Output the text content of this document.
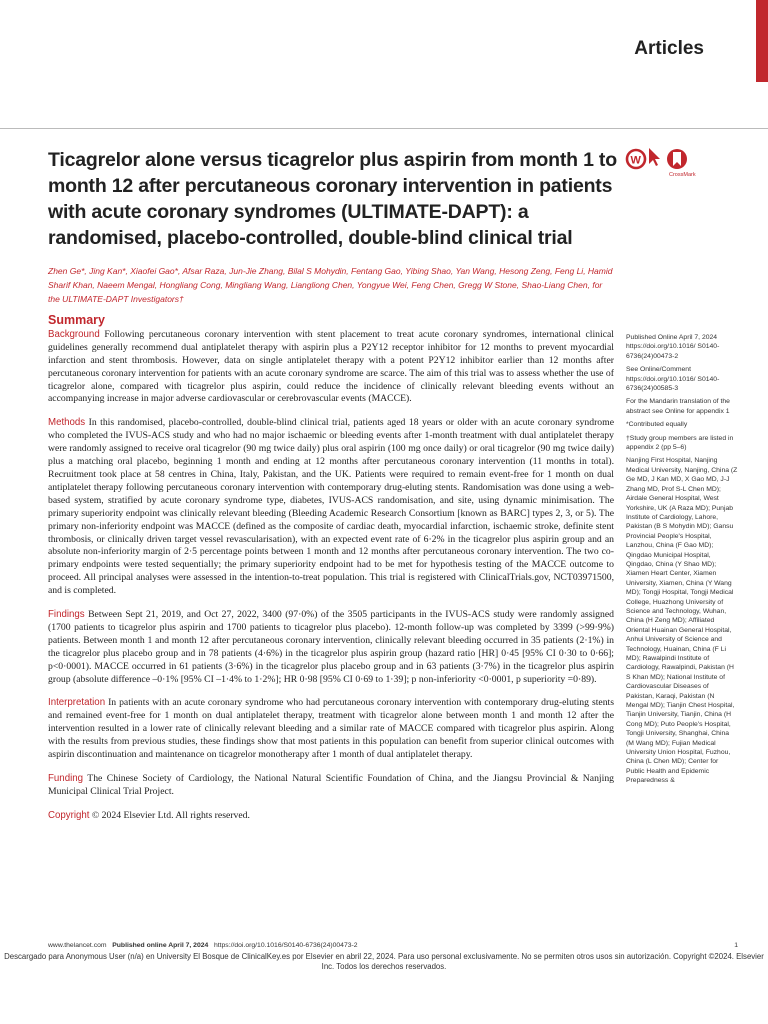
Articles
Ticagrelor alone versus ticagrelor plus aspirin from month 1 to month 12 after percutaneous coronary intervention in patients with acute coronary syndromes (ULTIMATE-DAPT): a randomised, placebo-controlled, double-blind clinical trial
W
CrossMark
Zhen Ge*, Jing Kan*, Xiaofei Gao*, Afsar Raza, Jun-Jie Zhang, Bilal S Mohydin, Fentang Gao, Yibing Shao, Yan Wang, Hesong Zeng, Feng Li, Hamid Sharif Khan, Naeem Mengal, Hongliang Cong, Mingliang Wang, Liangliong Chen, Yongyue Wei, Feng Chen, Gregg W Stone, Shao-Liang Chen, for the ULTIMATE-DAPT Investigators†
Summary

Background Following percutaneous coronary intervention with stent placement to treat acute coronary syndromes, international clinical guidelines generally recommend dual antiplatelet therapy with aspirin plus a P2Y12 receptor inhibitor for 12 months to prevent myocardial infarction and stent thrombosis. However, data on single antiplatelet therapy with a potent P2Y12 inhibitor earlier than 12 months after percutaneous coronary intervention for patients with an acute coronary syndrome are scarce. The aim of this trial was to assess whether the use of ticagrelor alone, compared with ticagrelor plus aspirin, could reduce the incidence of clinically relevant bleeding events without an accompanying increase in major adverse cardiovascular or cerebrovascular events (MACCE).

Methods In this randomised, placebo-controlled, double-blind clinical trial, patients aged 18 years or older with an acute coronary syndrome who completed the IVUS-ACS study and who had no major ischaemic or bleeding events after 1-month treatment with dual antiplatelet therapy were randomly assigned to receive oral ticagrelor (90 mg twice daily) plus oral aspirin (100 mg once daily) or oral ticagrelor (90 mg twice daily) plus a matching oral placebo, beginning 1 month and ending at 12 months after percutaneous coronary intervention (11 months in total). Recruitment took place at 58 centres in China, Italy, Pakistan, and the UK. Patients were required to remain event-free for 1 month on dual antiplatelet therapy following percutaneous coronary intervention with contemporary drug-eluting stents. Randomisation was done using a web-based system, stratified by acute coronary syndrome type, diabetes, IVUS-ACS randomisation, and site, using dynamic minimisation. The primary superiority endpoint was clinically relevant bleeding (Bleeding Academic Research Consortium [known as BARC] types 2, 3, or 5). The primary non-inferiority endpoint was MACCE (defined as the composite of cardiac death, myocardial infarction, ischaemic stroke, definite stent thrombosis, or clinically driven target vessel revascularisation), with an expected event rate of 6·2% in the ticagrelor plus aspirin group and an absolute non-inferiority margin of 2·5 percentage points between 1 month and 12 months after percutaneous coronary intervention. The two co-primary endpoints were tested sequentially; the primary superiority endpoint had to be met for hypothesis testing of the MACCE outcome to proceed. All principal analyses were assessed in the intention-to-treat population. This trial is registered with ClinicalTrials.gov, NCT03971500, and is completed.

Findings Between Sept 21, 2019, and Oct 27, 2022, 3400 (97·0%) of the 3505 participants in the IVUS-ACS study were randomly assigned (1700 patients to ticagrelor plus aspirin and 1700 patients to ticagrelor plus placebo). 12-month follow-up was completed by 3399 (>99·9%) patients. Between month 1 and month 12 after percutaneous coronary intervention, clinically relevant bleeding occurred in 35 patients (2·1%) in the ticagrelor plus placebo group and in 78 patients (4·6%) in the ticagrelor plus aspirin group (hazard ratio [HR] 0·45 [95% CI 0·30 to 0·66]; p<0·0001). MACCE occurred in 61 patients (3·6%) in the ticagrelor plus placebo group and in 63 patients (3·7%) in the ticagrelor plus aspirin group (absolute difference –0·1% [95% CI –1·4% to 1·2%]; HR 0·98 [95% CI 0·69 to 1·39]; p non-inferiority <0·0001, p superiority =0·89).

Interpretation In patients with an acute coronary syndrome who had percutaneous coronary intervention with contemporary drug-eluting stents and remained event-free for 1 month on dual antiplatelet therapy, treatment with ticagrelor alone between month 1 and month 12 after the intervention resulted in a lower rate of clinically relevant bleeding and a similar rate of MACCE compared with ticagrelor plus aspirin. Along with the results from previous studies, these findings show that most patients in this population can benefit from superior clinical outcomes with aspirin discontinuation and maintenance on ticagrelor monotherapy after 1 month of dual antiplatelet therapy.

Funding The Chinese Society of Cardiology, the National Natural Scientific Foundation of China, and the Jiangsu Provincial & Nanjing Municipal Clinical Trial Project.

Copyright © 2024 Elsevier Ltd. All rights reserved.

Published Online April 7, 2024 https://doi.org/10.1016/ S0140-6736(24)00473-2

See Online/Comment https://doi.org/10.1016/ S0140-6736(24)00585-3

For the Mandarin translation of the abstract see Online for appendix 1

*Contributed equally

†Study group members are listed in appendix 2 (pp 5–6)

Nanjing First Hospital, Nanjing Medical University, Nanjing, China (Z Ge MD, J Kan MD, X Gao MD, J-J Zhang MD, Prof S-L Chen MD); Airdale General Hospital, West Yorkshire, UK (A Raza MD); Punjab Institute of Cardiology, Lahore, Pakistan (B S Mohydin MD); Gansu Provincial People's Hospital, Lanzhou, China (F Gao MD); Qingdao Municipal Hospital, Qingdao, China (Y Shao MD); Xiamen Heart Center, Xiamen University, Xiamen, China (Y Wang MD); Tongji Hospital, Tongji Medical College, Huazhong University of Science and Technology, Wuhan, China (H Zeng MD); Affiliated Oriental Huainan General Hospital, Anhui University of Science and Technology, Huainan, China (F Li MD); Rawalpindi Institute of Cardiology, Rawalpindi, Pakistan (H S Khan MD); National Institute of Cardiovascular Diseases of Pakistan, Karaqi, Pakistan (N Mengal MD); Tianjin Chest Hospital, Tianjin University, Tianjin, China (H Cong MD); Puto People's Hospital, Tongji University, Shanghai, China (M Wang MD); Fujian Medical University Union Hospital, Fuzhou, China (L Chen MD); Center for Public Health and Epidemic Preparedness &

www.thelancet.com Published online April 7, 2024 https://doi.org/10.1016/S0140-6736(24)00473-2	1
Descargado para Anonymous User (n/a) en University El Bosque de ClinicalKey.es por Elsevier en abril 22, 2024. Para uso personal exclusivamente. No se permiten otros usos sin autorización. Copyright ©2024. Elsevier Inc. Todos los derechos reservados.
